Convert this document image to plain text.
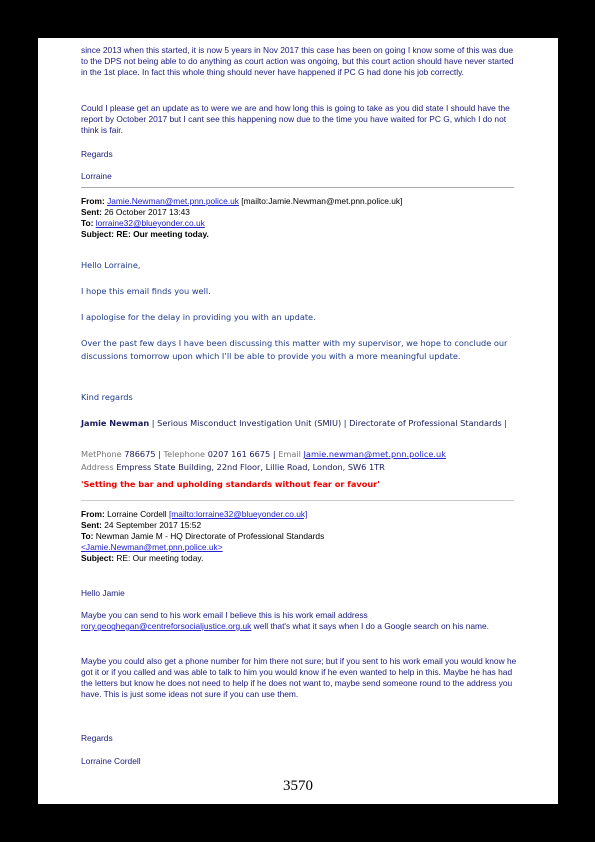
since 2013 when this started, it is now 5 years in Nov 2017 this case has been on going I know some of this was due to the DPS not being able to do anything as court action was ongoing, but this court action should have never started in the 1st place. In fact this whole thing should never have happened if PC G had done his job correctly.

Could I please get an update as to were we are and how long this is going to take as you did state I should have the report by October 2017 but I cant see this happening now due to the time you have waited for PC G, which I do not think is fair.

Regards

Lorraine

From: Jamie.Newman@met.pnn.police.uk [mailto:Jamie.Newman@met.pnn.police.uk]
Sent: 26 October 2017 13:43
To: lorraine32@blueyonder.co.uk
Subject: RE: Our meeting today.

Hello Lorraine,

I hope this email finds you well.

I apologise for the delay in providing you with an update.

Over the past few days I have been discussing this matter with my supervisor, we hope to conclude our discussions tomorrow upon which I’ll be able to provide you with a more meaningful update.

Kind regards

Jamie Newman | Serious Misconduct Investigation Unit (SMIU) | Directorate of Professional Standards |

MetPhone 786675 | Telephone 0207 161 6675 | Email Jamie.newman@met.pnn.police.uk

Address Empress State Building, 22nd Floor, Lillie Road, London, SW6 1TR

'Setting the bar and upholding standards without fear or favour'

From: Lorraine Cordell [mailto:lorraine32@blueyonder.co.uk]
Sent: 24 September 2017 15:52
To: Newman Jamie M - HQ Directorate of Professional Standards
<Jamie.Newman@met.pnn.police.uk>
Subject: RE: Our meeting today.

Hello Jamie

Maybe you can send to his work email I believe this is his work email address rory.geoghegan@centreforsocialjustice.org.uk well that's what it says when I do a Google search on his name.

Maybe you could also get a phone number for him there not sure; but if you sent to his work email you would know he got it or if you called and was able to talk to him you would know if he even wanted to help in this. Maybe he has had the letters but know he does not need to help if he does not want to, maybe send someone round to the address you have. This is just some ideas not sure if you can use them.

Regards

Lorraine Cordell

3570
